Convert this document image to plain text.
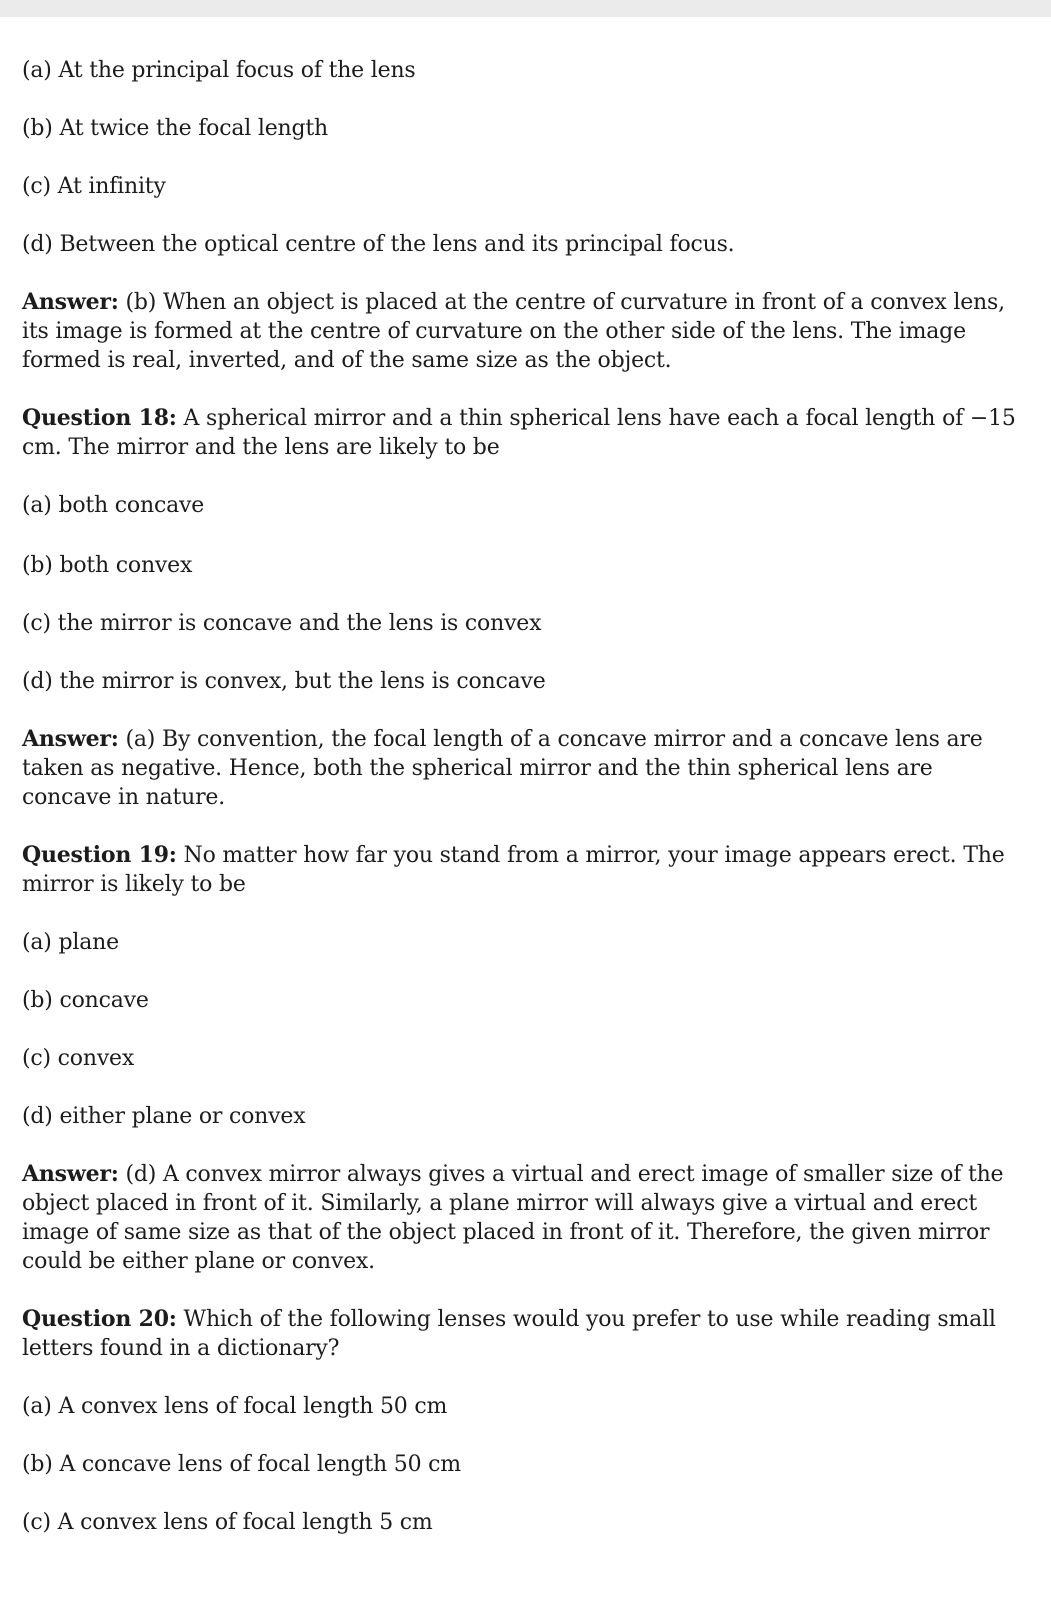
(a) At the principal focus of the lens

(b) At twice the focal length

(c) At infinity

(d) Between the optical centre of the lens and its principal focus.

Answer: (b) When an object is placed at the centre of curvature in front of a convex lens, its image is formed at the centre of curvature on the other side of the lens. The image formed is real, inverted, and of the same size as the object.

Question 18: A spherical mirror and a thin spherical lens have each a focal length of −15 cm. The mirror and the lens are likely to be

(a) both concave

(b) both convex

(c) the mirror is concave and the lens is convex

(d) the mirror is convex, but the lens is concave

Answer: (a) By convention, the focal length of a concave mirror and a concave lens are taken as negative. Hence, both the spherical mirror and the thin spherical lens are concave in nature.

Question 19: No matter how far you stand from a mirror, your image appears erect. The mirror is likely to be

(a) plane

(b) concave

(c) convex

(d) either plane or convex

Answer: (d) A convex mirror always gives a virtual and erect image of smaller size of the object placed in front of it. Similarly, a plane mirror will always give a virtual and erect image of same size as that of the object placed in front of it. Therefore, the given mirror could be either plane or convex.

Question 20: Which of the following lenses would you prefer to use while reading small letters found in a dictionary?

(a) A convex lens of focal length 50 cm

(b) A concave lens of focal length 50 cm

(c) A convex lens of focal length 5 cm
